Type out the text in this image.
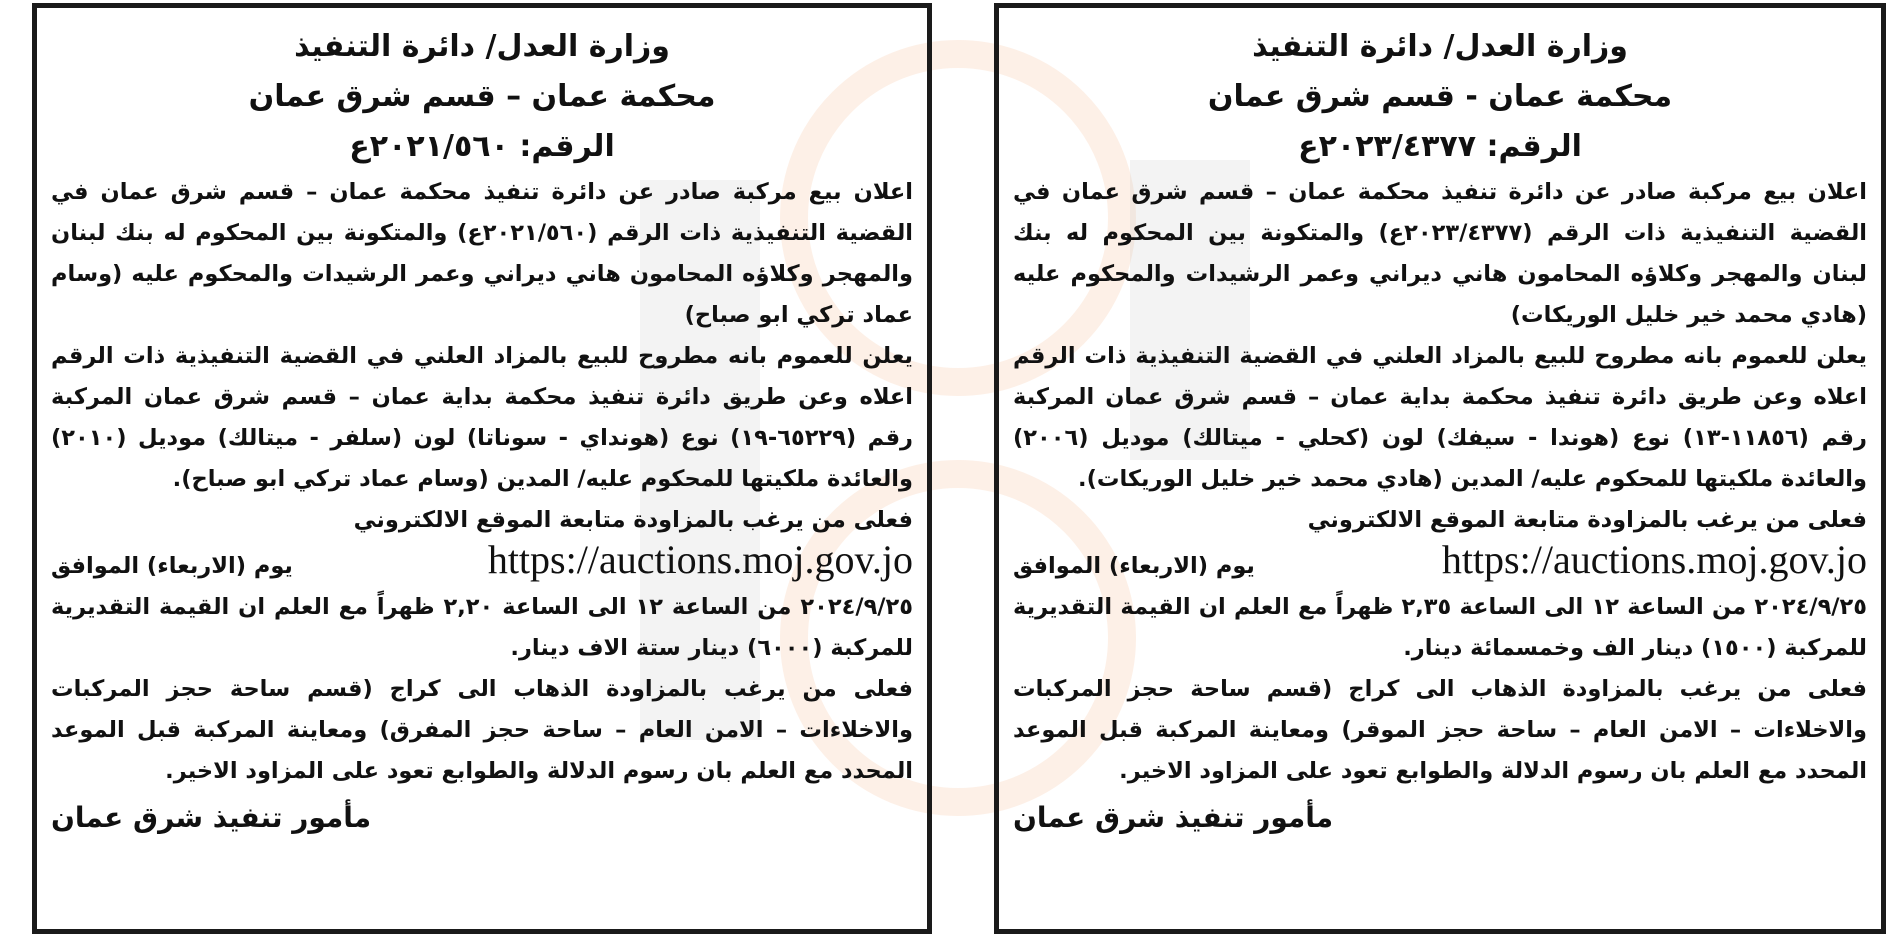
وزارة العدل/ دائرة التنفيذ
محكمة عمان – قسم شرق عمان
الرقم: ٢٠٢١/٥٦٠ع

اعلان بيع مركبة صادر عن دائرة تنفيذ محكمة عمان – قسم شرق عمان في القضية التنفيذية ذات الرقم (٢٠٢١/٥٦٠ع) والمتكونة بين المحكوم له بنك لبنان والمهجر وكلاؤه المحامون هاني ديراني وعمر الرشيدات والمحكوم عليه (وسام عماد تركي ابو صباح)

يعلن للعموم بانه مطروح للبيع بالمزاد العلني في القضية التنفيذية ذات الرقم اعلاه وعن طريق دائرة تنفيذ محكمة بداية عمان – قسم شرق عمان المركبة رقم (٦٥٢٢٩-١٩) نوع (هونداي - سوناتا) لون (سلفر - ميتالك) موديل (٢٠١٠) والعائدة ملكيتها للمحكوم عليه/ المدين (وسام عماد تركي ابو صباح).

فعلى من يرغب بالمزاودة متابعة الموقع الالكتروني

https://auctions.moj.gov.jo
يوم (الاربعاء) الموافق

٢٠٢٤/٩/٢٥ من الساعة ١٢ الى الساعة ٢,٢٠ ظهراً مع العلم ان القيمة التقديرية للمركبة (٦٠٠٠) دينار ستة الاف دينار.

فعلى من يرغب بالمزاودة الذهاب الى كراج (قسم ساحة حجز المركبات والاخلاءات – الامن العام – ساحة حجز المفرق) ومعاينة المركبة قبل الموعد المحدد مع العلم بان رسوم الدلالة والطوابع تعود على المزاود الاخير.

مأمور تنفيذ شرق عمان
وزارة العدل/ دائرة التنفيذ
محكمة عمان - قسم شرق عمان
الرقم: ٢٠٢٣/٤٣٧٧ع

اعلان بيع مركبة صادر عن دائرة تنفيذ محكمة عمان – قسم شرق عمان في القضية التنفيذية ذات الرقم (٢٠٢٣/٤٣٧٧ع) والمتكونة بين المحكوم له بنك لبنان والمهجر وكلاؤه المحامون هاني ديراني وعمر الرشيدات والمحكوم عليه (هادي محمد خير خليل الوريكات)

يعلن للعموم بانه مطروح للبيع بالمزاد العلني في القضية التنفيذية ذات الرقم اعلاه وعن طريق دائرة تنفيذ محكمة بداية عمان – قسم شرق عمان المركبة رقم (١١٨٥٦-١٣) نوع (هوندا - سيفك) لون (كحلي - ميتالك) موديل (٢٠٠٦) والعائدة ملكيتها للمحكوم عليه/ المدين (هادي محمد خير خليل الوريكات).

فعلى من يرغب بالمزاودة متابعة الموقع الالكتروني

https://auctions.moj.gov.jo
يوم (الاربعاء) الموافق

٢٠٢٤/٩/٢٥ من الساعة ١٢ الى الساعة ٢,٣٥ ظهراً مع العلم ان القيمة التقديرية للمركبة (١٥٠٠) دينار الف وخمسمائة دينار.

فعلى من يرغب بالمزاودة الذهاب الى كراج (قسم ساحة حجز المركبات والاخلاءات – الامن العام – ساحة حجز الموقر) ومعاينة المركبة قبل الموعد المحدد مع العلم بان رسوم الدلالة والطوابع تعود على المزاود الاخير.

مأمور تنفيذ شرق عمان
